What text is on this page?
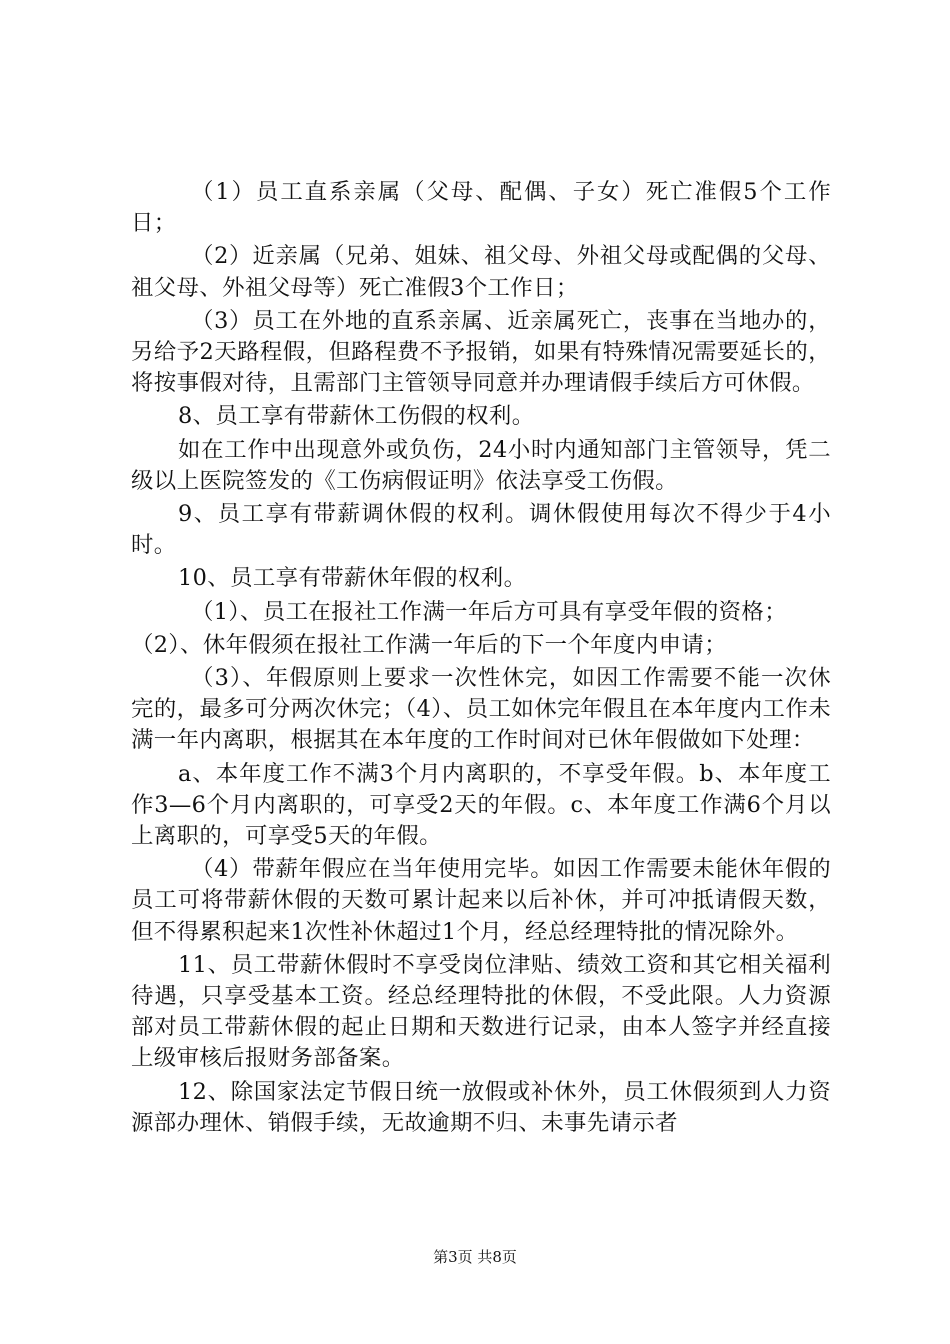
（1）员工直系亲属（父母、配偶、子女）死亡准假5个工作日；

（2）近亲属（兄弟、姐妹、祖父母、外祖父母或配偶的父母、祖父母、外祖父母等）死亡准假3个工作日；

（3）员工在外地的直系亲属、近亲属死亡，丧事在当地办的，另给予2天路程假，但路程费不予报销，如果有特殊情况需要延长的，将按事假对待，且需部门主管领导同意并办理请假手续后方可休假。

8、员工享有带薪休工伤假的权利。

如在工作中出现意外或负伤，24小时内通知部门主管领导，凭二级以上医院签发的《工伤病假证明》依法享受工伤假。

9、员工享有带薪调休假的权利。调休假使用每次不得少于4小时。

10、员工享有带薪休年假的权利。

（1）、员工在报社工作满一年后方可具有享受年假的资格；

（2）、休年假须在报社工作满一年后的下一个年度内申请；

（3）、年假原则上要求一次性休完，如因工作需要不能一次休完的，最多可分两次休完；（4）、员工如休完年假且在本年度内工作未满一年内离职，根据其在本年度的工作时间对已休年假做如下处理：

a、本年度工作不满3个月内离职的，不享受年假。b、本年度工作3—6个月内离职的，可享受2天的年假。c、本年度工作满6个月以上离职的，可享受5天的年假。

（4）带薪年假应在当年使用完毕。如因工作需要未能休年假的员工可将带薪休假的天数可累计起来以后补休，并可冲抵请假天数，但不得累积起来1次性补休超过1个月，经总经理特批的情况除外。

11、员工带薪休假时不享受岗位津贴、绩效工资和其它相关福利待遇，只享受基本工资。经总经理特批的休假，不受此限。人力资源部对员工带薪休假的起止日期和天数进行记录，由本人签字并经直接上级审核后报财务部备案。

12、除国家法定节假日统一放假或补休外，员工休假须到人力资源部办理休、销假手续，无故逾期不归、未事先请示者

第3页 共8页
